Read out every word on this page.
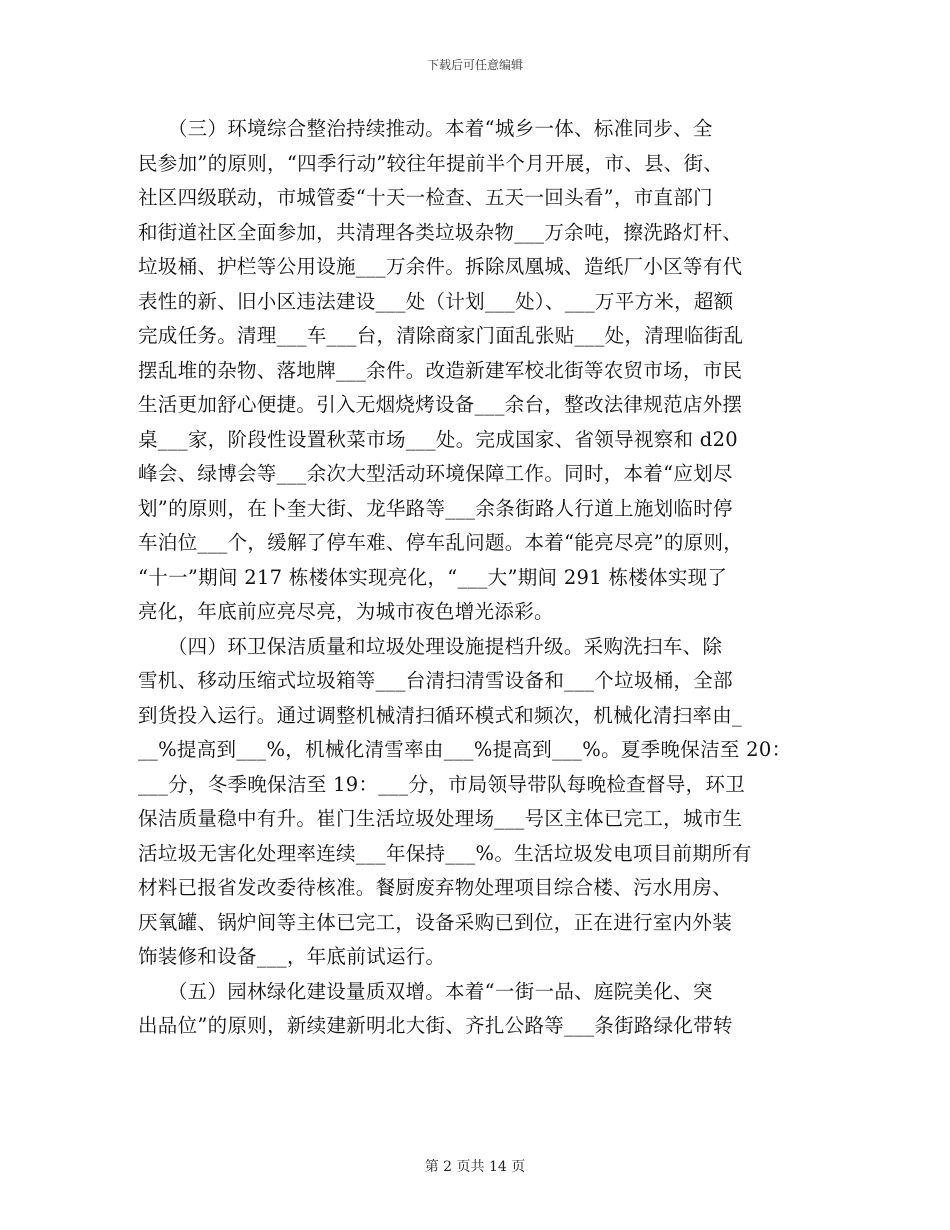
下载后可任意编辑
　　（三）环境综合整治持续推动。本着“城乡一体、标准同步、全
民参加”的原则，“四季行动”较往年提前半个月开展，市、县、街、
社区四级联动，市城管委“十天一检查、五天一回头看”，市直部门
和街道社区全面参加，共清理各类垃圾杂物___万余吨，擦洗路灯杆、
垃圾桶、护栏等公用设施___万余件。拆除凤凰城、造纸厂小区等有代
表性的新、旧小区违法建设___处（计划___处）、___万平方米，超额
完成任务。清理___车___台，清除商家门面乱张贴___处，清理临街乱
摆乱堆的杂物、落地牌___余件。改造新建军校北街等农贸市场，市民
生活更加舒心便捷。引入无烟烧烤设备___余台，整改法律规范店外摆
桌___家，阶段性设置秋菜市场___处。完成国家、省领导视察和 d20
峰会、绿博会等___余次大型活动环境保障工作。同时，本着“应划尽
划”的原则，在卜奎大街、龙华路等___余条街路人行道上施划临时停
车泊位___个，缓解了停车难、停车乱问题。本着“能亮尽亮”的原则，
“十一”期间 217 栋楼体实现亮化，“___大”期间 291 栋楼体实现了
亮化，年底前应亮尽亮，为城市夜色增光添彩。
　　（四）环卫保洁质量和垃圾处理设施提档升级。采购洗扫车、除
雪机、移动压缩式垃圾箱等___台清扫清雪设备和___个垃圾桶，全部
到货投入运行。通过调整机械清扫循环模式和频次，机械化清扫率由_
__%提高到___%，机械化清雪率由___%提高到___%。夏季晚保洁至 20：
___分，冬季晚保洁至 19：___分，市局领导带队每晚检查督导，环卫
保洁质量稳中有升。崔门生活垃圾处理场___号区主体已完工，城市生
活垃圾无害化处理率连续___年保持___%。生活垃圾发电项目前期所有
材料已报省发改委待核准。餐厨废弃物处理项目综合楼、污水用房、
厌氧罐、锅炉间等主体已完工，设备采购已到位，正在进行室内外装
饰装修和设备___，年底前试运行。
　　（五）园林绿化建设量质双增。本着“一街一品、庭院美化、突
出品位”的原则，新续建新明北大街、齐扎公路等___条街路绿化带转
第 2 页共 14 页
